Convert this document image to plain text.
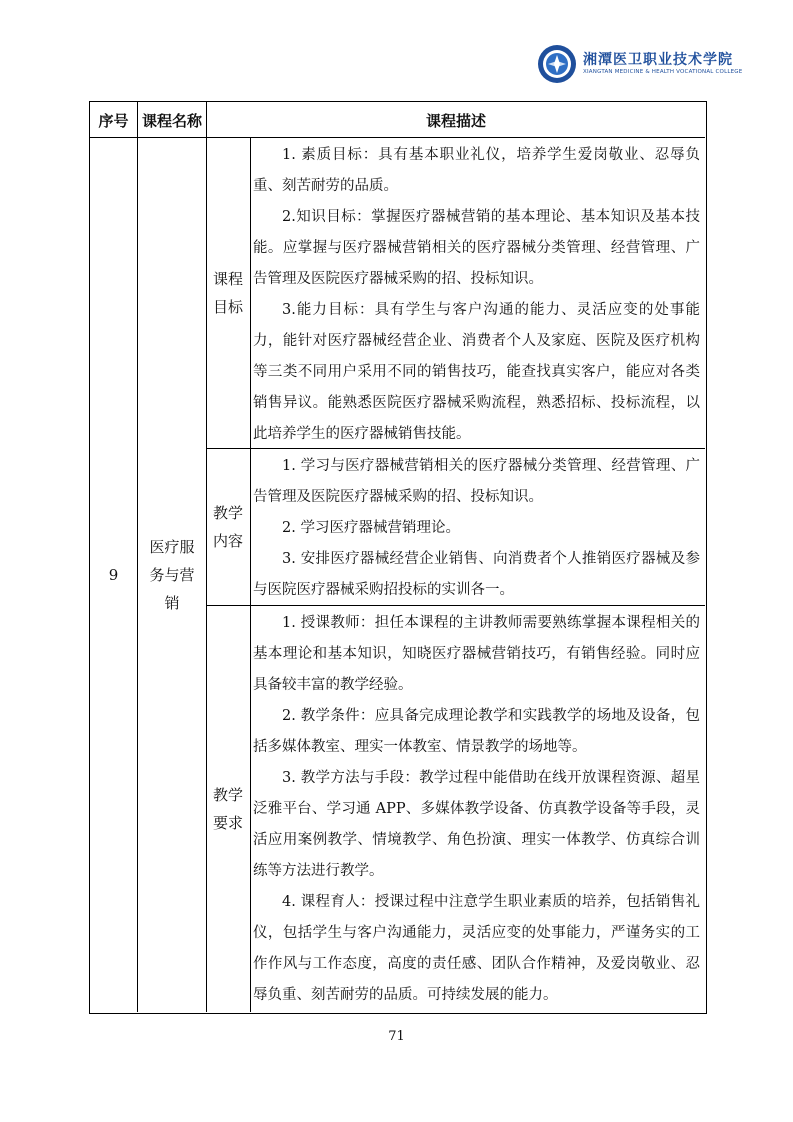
湘潭医卫职业技术学院
XIANGTAN MEDICINE & HEALTH VOCATIONAL COLLEGE
序号 课程名称	课程描述
9
医疗服务与营销
课程目标
教学内容
教学要求

1. 素质目标：具有基本职业礼仪，培养学生爱岗敬业、忍辱负重、刻苦耐劳的品质。

2.知识目标：掌握医疗器械营销的基本理论、基本知识及基本技能。应掌握与医疗器械营销相关的医疗器械分类管理、经营管理、广告管理及医院医疗器械采购的招、投标知识。

3.能力目标：具有学生与客户沟通的能力、灵活应变的处事能力，能针对医疗器械经营企业、消费者个人及家庭、医院及医疗机构等三类不同用户采用不同的销售技巧，能查找真实客户，能应对各类销售异议。能熟悉医院医疗器械采购流程，熟悉招标、投标流程，以此培养学生的医疗器械销售技能。

1. 学习与医疗器械营销相关的医疗器械分类管理、经营管理、广告管理及医院医疗器械采购的招、投标知识。

2. 学习医疗器械营销理论。

3. 安排医疗器械经营企业销售、向消费者个人推销医疗器械及参与医院医疗器械采购招投标的实训各一。

1. 授课教师：担任本课程的主讲教师需要熟练掌握本课程相关的基本理论和基本知识，知晓医疗器械营销技巧，有销售经验。同时应具备较丰富的教学经验。

2. 教学条件：应具备完成理论教学和实践教学的场地及设备，包括多媒体教室、理实一体教室、情景教学的场地等。

3. 教学方法与手段：教学过程中能借助在线开放课程资源、超星泛雅平台、学习通 APP、多媒体教学设备、仿真教学设备等手段，灵活应用案例教学、情境教学、角色扮演、理实一体教学、仿真综合训练等方法进行教学。

4. 课程育人：授课过程中注意学生职业素质的培养，包括销售礼仪，包括学生与客户沟通能力，灵活应变的处事能力，严谨务实的工作作风与工作态度，高度的责任感、团队合作精神，及爱岗敬业、忍辱负重、刻苦耐劳的品质。可持续发展的能力。

71
